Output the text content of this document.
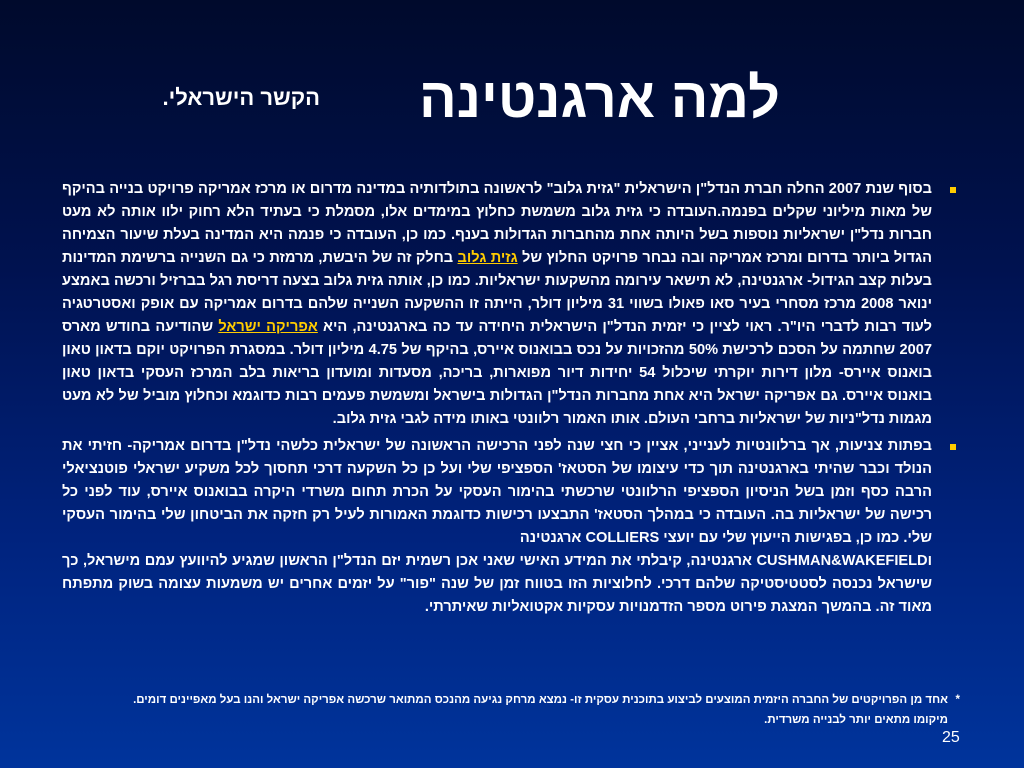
למה ארגנטינה
הקשר הישראלי.
בסוף שנת 2007 החלה חברת הנדל"ן הישראלית "גזית גלוב" לראשונה בתולדותיה במדינה מדרום או מרכז אמריקה פרויקט בנייה בהיקף של מאות מיליוני שקלים בפנמה.העובדה כי גזית גלוב משמשת כחלוץ במימדים אלו, מסמלת כי בעתיד הלא רחוק ילוו אותה לא מעט חברות נדל"ן ישראליות נוספות בשל היותה אחת מהחברות הגדולות בענף. כמו כן, העובדה כי פנמה היא המדינה בעלת שיעור הצמיחה הגדול ביותר בדרום ומרכז אמריקה ובה נבחר פרויקט החלוץ של גזית גלוב בחלק זה של היבשת, מרמזת כי גם השנייה ברשימת המדינות בעלות קצב הגידול- ארגנטינה, לא תישאר עירומה מהשקעות ישראליות. כמו כן, אותה גזית גלוב בצעה דריסת רגל בברזיל ורכשה באמצע ינואר 2008 מרכז מסחרי בעיר סאו פאולו בשווי 31 מיליון דולר, הייתה זו ההשקעה השנייה שלהם בדרום אמריקה עם אופק ואסטרטגיה לעוד רבות לדברי היו"ר. ראוי לציין כי יזמית הנדל"ן הישראלית היחידה עד כה בארגנטינה, היא אפריקה ישראל שהודיעה בחודש מארס 2007 שחתמה על הסכם לרכישת 50% מהזכויות על נכס בבואנוס איירס, בהיקף של 4.75 מיליון דולר. במסגרת הפרויקט יוקם בדאון טאון בואנוס איירס- מלון דירות יוקרתי שיכלול 54 יחידות דיור מפוארות, בריכה, מסעדות ומועדון בריאות בלב המרכז העסקי בדאון טאון בואנוס איירס. גם אפריקה ישראל היא אחת מחברות הנדל"ן הגדולות בישראל ומשמשת פעמים רבות כדוגמא וכחלוץ מוביל של לא מעט מגמות נדל"ניות של ישראליות ברחבי העולם. אותו האמור רלוונטי באותו מידה לגבי גזית גלוב.
בפתות צניעות, אך ברלוונטיות לענייני, אציין כי חצי שנה לפני הרכישה הראשונה של ישראלית כלשהי נדל"ן בדרום אמריקה- חזיתי את הנולד וכבר שהיתי בארגנטינה תוך כדי עיצומו של הסטאז' הספציפי שלי ועל כן כל השקעה דרכי תחסוך לכל משקיע ישראלי פוטנציאלי הרבה כסף וזמן בשל הניסיון הספציפי הרלוונטי שרכשתי בהימור העסקי על הכרת תחום משרדי היקרה בבואנוס איירס, עוד לפני כל רכישה של ישראליות בה. העובדה כי במהלך הסטאז' התבצעו רכישות כדוגמת האמורות לעיל רק חזקה את הביטחון שלי בהימור העסקי שלי. כמו כן, בפגישות הייעוץ שלי עם יועצי COLLIERS ארגנטינה
וCUSHMAN&WAKEFIELD ארגנטינה, קיבלתי את המידע האישי שאני אכן רשמית יזם הנדל"ן הראשון שמגיע להיוועץ עמם מישראל, כך שישראל נכנסה לסטטיסטיקה שלהם דרכי. לחלוציות הזו בטווח זמן של שנה "פור" על יזמים אחרים יש משמעות עצומה בשוק מתפתח מאוד זה. בהמשך המצגת פירוט מספר הזדמנויות עסקיות אקטואליות שאיתרתי.
*
אחד מן הפרויקטים של החברה היזמית המוצעים לביצוע בתוכנית עסקית זו- נמצא מרחק נגיעה מהנכס המתואר שרכשה אפריקה ישראל והנו בעל מאפיינים דומים. מיקומו מתאים יותר לבנייה משרדית.
25
